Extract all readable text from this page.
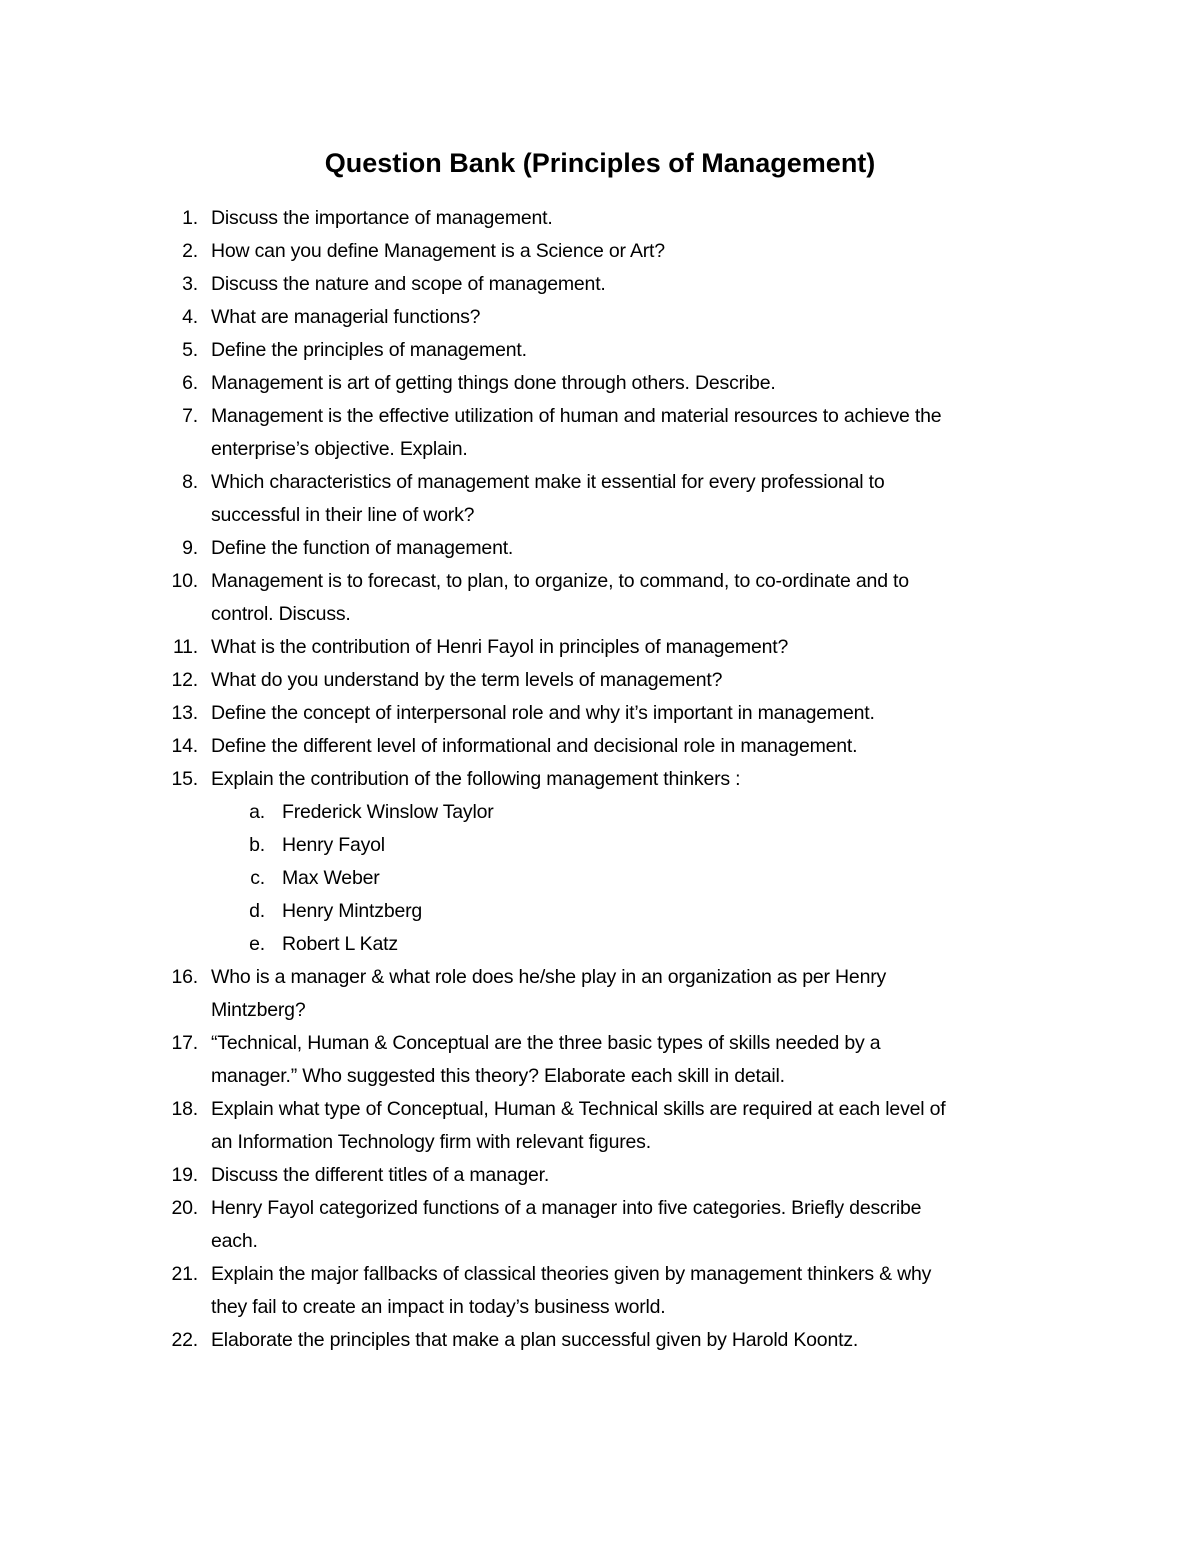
Question Bank (Principles of Management)
1. Discuss the importance of management.
2. How can you define Management is a Science or Art?
3. Discuss the nature and scope of management.
4. What are managerial functions?
5. Define the principles of management.
6. Management is art of getting things done through others. Describe.
7. Management is the effective utilization of human and material resources to achieve the
enterprise’s objective. Explain.
8. Which characteristics of management make it essential for every professional to
successful in their line of work?
9. Define the function of management.
10. Management is to forecast, to plan, to organize, to command, to co-ordinate and to
control. Discuss.
11. What is the contribution of Henri Fayol in principles of management?
12. What do you understand by the term levels of management?
13. Define the concept of interpersonal role and why it’s important in management.
14. Define the different level of informational and decisional role in management.
15. Explain the contribution of the following management thinkers :
a. Frederick Winslow Taylor
b. Henry Fayol
c. Max Weber
d. Henry Mintzberg
e. Robert L Katz
16. Who is a manager & what role does he/she play in an organization as per Henry
Mintzberg?
17. “Technical, Human & Conceptual are the three basic types of skills needed by a
manager.” Who suggested this theory? Elaborate each skill in detail.
18. Explain what type of Conceptual, Human & Technical skills are required at each level of
an Information Technology firm with relevant figures.
19. Discuss the different titles of a manager.
20. Henry Fayol categorized functions of a manager into five categories. Briefly describe
each.
21. Explain the major fallbacks of classical theories given by management thinkers & why
they fail to create an impact in today’s business world.
22. Elaborate the principles that make a plan successful given by Harold Koontz.
